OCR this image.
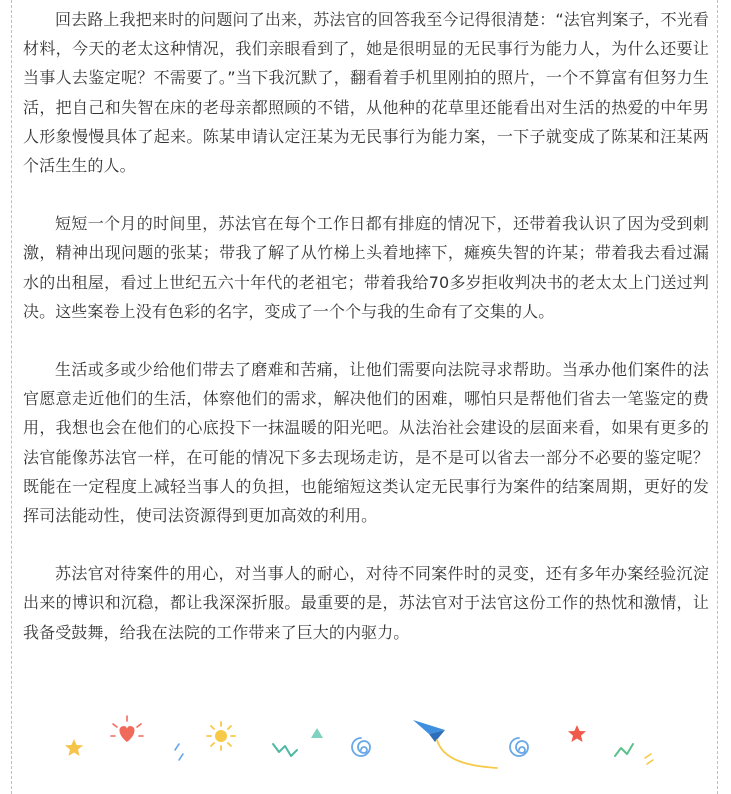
回去路上我把来时的问题问了出来，苏法官的回答我至今记得很清楚：“法官判案子，不光看材料，今天的老太这种情况，我们亲眼看到了，她是很明显的无民事行为能力人，为什么还要让当事人去鉴定呢？不需要了。”当下我沉默了，翻看着手机里刚拍的照片，一个不算富有但努力生活，把自己和失智在床的老母亲都照顾的不错，从他种的花草里还能看出对生活的热爱的中年男人形象慢慢具体了起来。陈某申请认定汪某为无民事行为能力案，一下子就变成了陈某和汪某两个活生生的人。

短短一个月的时间里，苏法官在每个工作日都有排庭的情况下，还带着我认识了因为受到刺激，精神出现问题的张某；带我了解了从竹梯上头着地摔下，瘫痪失智的许某；带着我去看过漏水的出租屋，看过上世纪五六十年代的老祖宅；带着我给70多岁拒收判决书的老太太上门送过判决。这些案卷上没有色彩的名字，变成了一个个与我的生命有了交集的人。

生活或多或少给他们带去了磨难和苦痛，让他们需要向法院寻求帮助。当承办他们案件的法官愿意走近他们的生活，体察他们的需求，解决他们的困难，哪怕只是帮他们省去一笔鉴定的费用，我想也会在他们的心底投下一抹温暖的阳光吧。从法治社会建设的层面来看，如果有更多的法官能像苏法官一样，在可能的情况下多去现场走访，是不是可以省去一部分不必要的鉴定呢？既能在一定程度上减轻当事人的负担，也能缩短这类认定无民事行为案件的结案周期，更好的发挥司法能动性，使司法资源得到更加高效的利用。

苏法官对待案件的用心，对当事人的耐心，对待不同案件时的灵变，还有多年办案经验沉淀出来的博识和沉稳，都让我深深折服。最重要的是，苏法官对于法官这份工作的热忱和激情，让我备受鼓舞，给我在法院的工作带来了巨大的内驱力。
